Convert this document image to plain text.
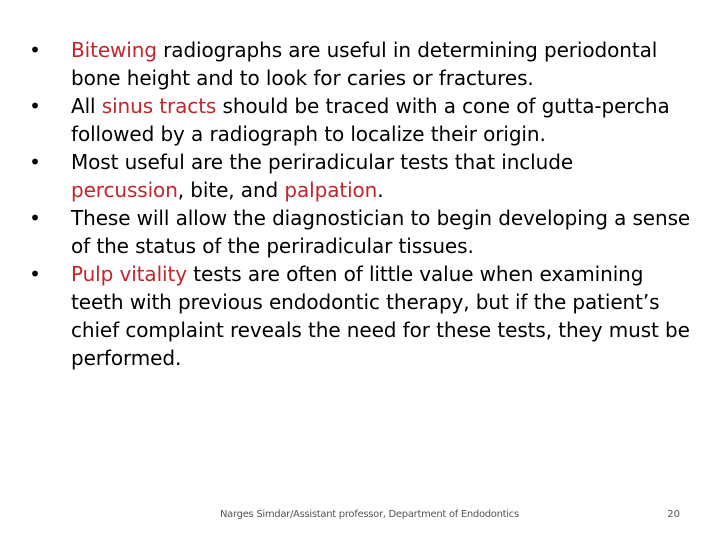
• Bitewing radiographs are useful in determining periodontal bone height and to look for caries or fractures.
• All sinus tracts should be traced with a cone of gutta-percha followed by a radiograph to localize their origin.
• Most useful are the periradicular tests that include percussion, bite, and palpation.
• These will allow the diagnostician to begin developing a sense of the status of the periradicular tissues.
• Pulp vitality tests are often of little value when examining teeth with previous endodontic therapy, but if the patient’s chief complaint reveals the need for these tests, they must be performed.
Narges Simdar/Assistant professor, Department of Endodontics	20
